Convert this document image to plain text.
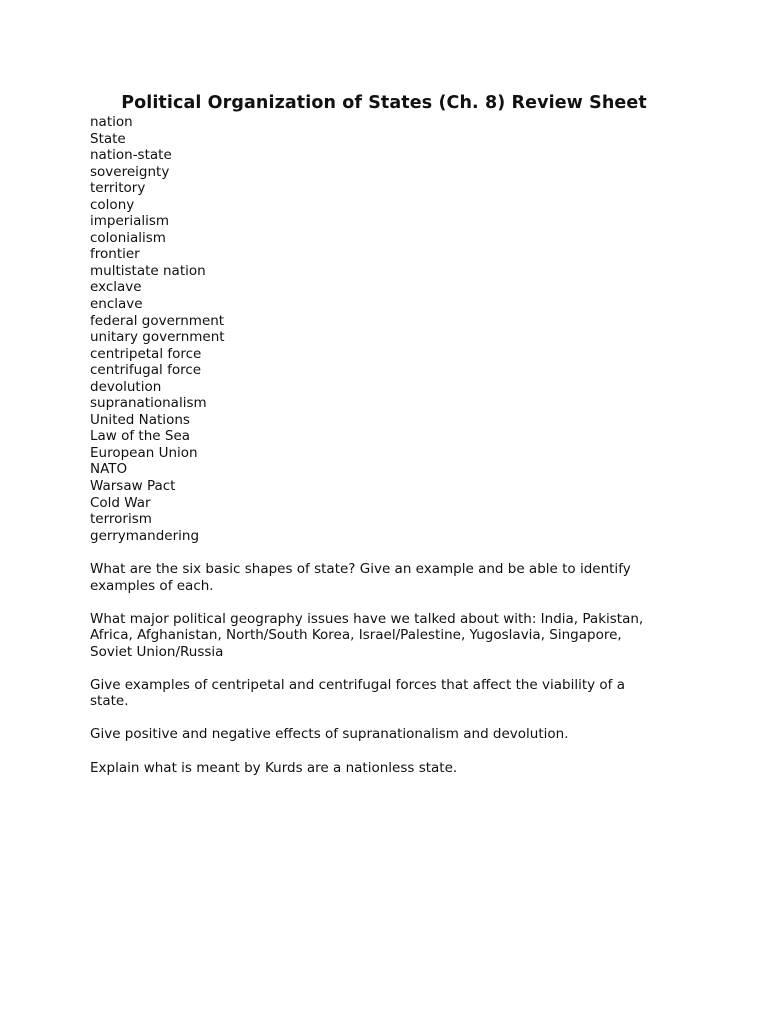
Political Organization of States (Ch. 8) Review Sheet
nation
State
nation-state
sovereignty
territory
colony
imperialism
colonialism
frontier
multistate nation
exclave
enclave
federal government
unitary government
centripetal force
centrifugal force
devolution
supranationalism
United Nations
Law of the Sea
European Union
NATO
Warsaw Pact
Cold War
terrorism
gerrymandering

What are the six basic shapes of state? Give an example and be able to identify
examples of each.

What major political geography issues have we talked about with: India, Pakistan,
Africa, Afghanistan, North/South Korea, Israel/Palestine, Yugoslavia, Singapore,
Soviet Union/Russia

Give examples of centripetal and centrifugal forces that affect the viability of a
state.

Give positive and negative effects of supranationalism and devolution.

Explain what is meant by Kurds are a nationless state.
